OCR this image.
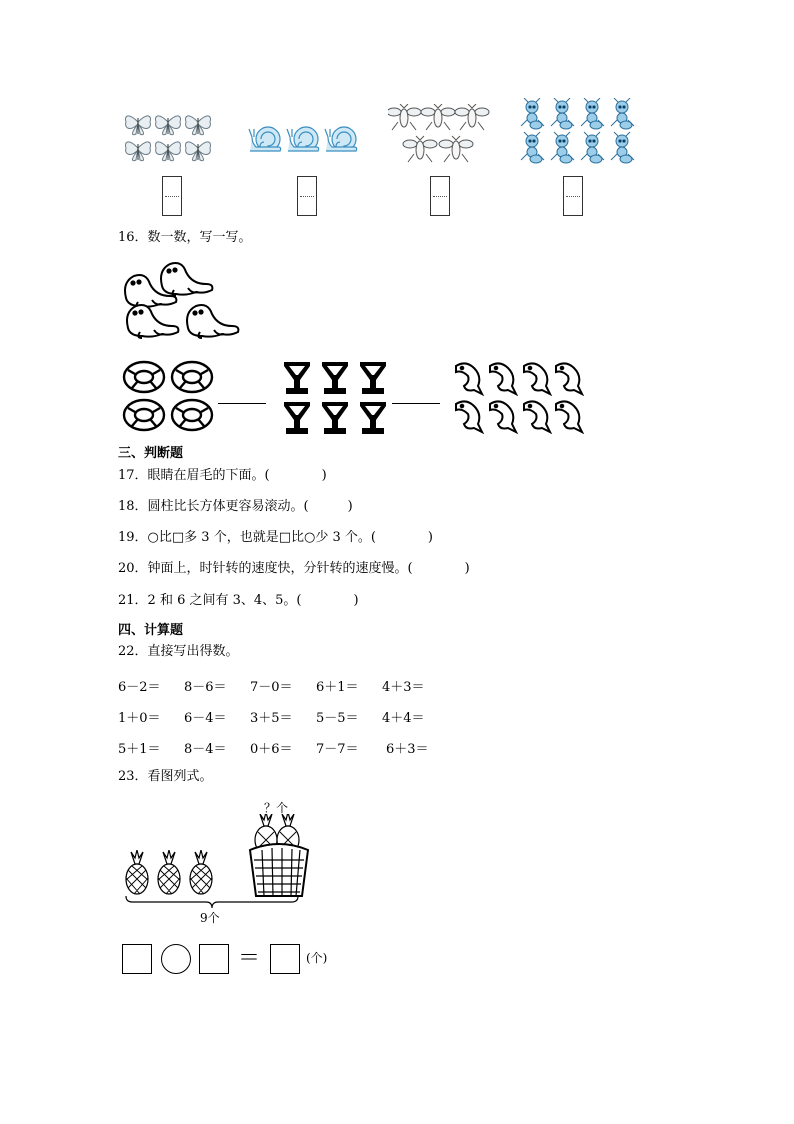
16．数一数，写一写。
三、判断题
17．眼睛在眉毛的下面。(　　　　)
18．圆柱比长方体更容易滚动。(　　　)
19．○比□多 3 个，也就是□比○少 3 个。(　　　　)
20．钟面上，时针转的速度快，分针转的速度慢。(　　　　)
21．2 和 6 之间有 3、4、5。(　　　　)
四、计算题
22．直接写出得数。
6－2＝ 8－6＝ 7－0＝ 6＋1＝ 4＋3＝
1＋0＝ 6－4＝ 3＋5＝ 5－5＝ 4＋4＝
5＋1＝ 8－4＝ 0＋6＝ 7－7＝ 6＋3＝
23．看图列式。
？个
9个
＝	(个)
